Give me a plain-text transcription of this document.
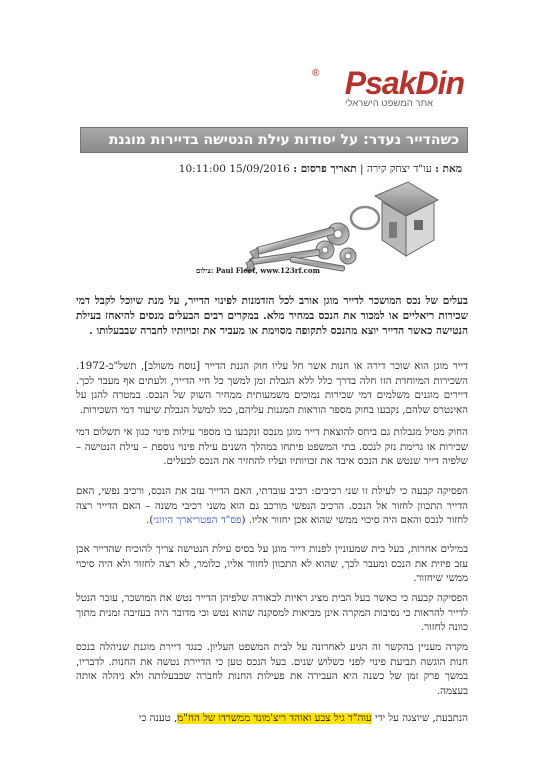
® PsakDin
אתר המשפט הישראלי
כשהדייר נעדר: על יסודות עילת הנטישה בדיירות מוגנת
מאת : עו"ד יצחק קירה | תאריך פרסום : 15/09/2016 10:11:00
צילום: Paul Fleet, www.123rf.com

בעלים של נכס המושכר לדייר מוגן אורב לכל הזדמנות לפינוי הדייר, על מנת שיוכל לקבל דמי שכירות ריאליים או למכור את הנכס במחיר מלא. במקרים רבים הבעלים מנסים להיאחז בעילת הנטישה כאשר הדייר יוצא מהנכס לתקופה מסוימת או מעביר את זכויותיו לחברה שבבעלותו .

דייר מוגן הוא שוכר דירה או חנות אשר חל עליו חוק הגנת הדייר [נוסח משולב], תשל"ב-1972. השכירות המיוחדת הזו חלה בדרך כלל ללא הגבלת זמן למשך כל חיי הדייר, ולעתים אף מעבר לכך. דיירים מוגנים משלמים דמי שכירות נמוכים משמעותית ממחיר השוק של הנכס. במטרה להגן על האינטרס שלהם, נקבעו בחוק מספר הוראות המגנות עליהם, כמו למשל הגבלת שיעור דמי השכירות.

החוק מטיל מגבלות גם ביחס להוצאת דייר מוגן מנכס ונקבעו בו מספר עילות פינוי כגון אי תשלום דמי שכירות או גרימת נזק לנכס. בתי המשפט פיתחו במהלך השנים עילת פינוי נוספת – עילת הנטישה – שלפיה דייר שנטש את הנכס איבד את זכויותיו ועליו להחזיר את הנכס לבעלים.

הפסיקה קבעה כי לעילת זו שני רכיבים: רכיב עובדתי, האם הדייר עזב את הנכס, ורכיב נפשי, האם הדייר התכוון לחזור אל הנכס. הרכיב הנפשי מורכב גם הוא משני רכיבי משנה – האם הדייר רצה לחזור לנכס והאם היה סיכוי ממשי שהוא אכן יחזור אליו. (פס"ד הפטריארך היווני).

במילים אחרות, בעל בית שמעוניין לפנות דייר מוגן על בסיס עילת הנטישה צריך להוכיח שהדייר אכן עזב פיזית את הנכס ומעבר לכך, שהוא לא התכוון לחזור אליו, כלומר, לא רצה לחזור ולא היה סיכוי ממשי שיחזור.

הפסיקה קבעה כי כאשר בעל הבית מציג ראיות לכאורה שלפיהן הדייר נטש את המושכר, עובר הנטל לדייר להראות כי נסיבות המקרה אינן מביאות למסקנה שהוא נטש וכי מדובר היה בעזיבה זמנית מתוך כוונה לחזור.

מקרה מעניין בהקשר זה הגיע לאחרונה על לבית המשפט העליון. כנגד דיירת מוגנת שניהלה בנכס חנות הוגשה תביעת פינוי לפני כשלוש שנים. בעל הנכס טען כי הדיירת נטשה את החנות. לדבריו, במשך פרק זמן של כשנה היא העבירה את פעילות החנות לחברה שבבעלותה ולא ניהלה אותה בעצמה.

הנתבעת, שיוצגה על ידי עוה"ד גיל צבע ואוהד ריצ'מונד ממשרדו של הח"מ, טענה כי
